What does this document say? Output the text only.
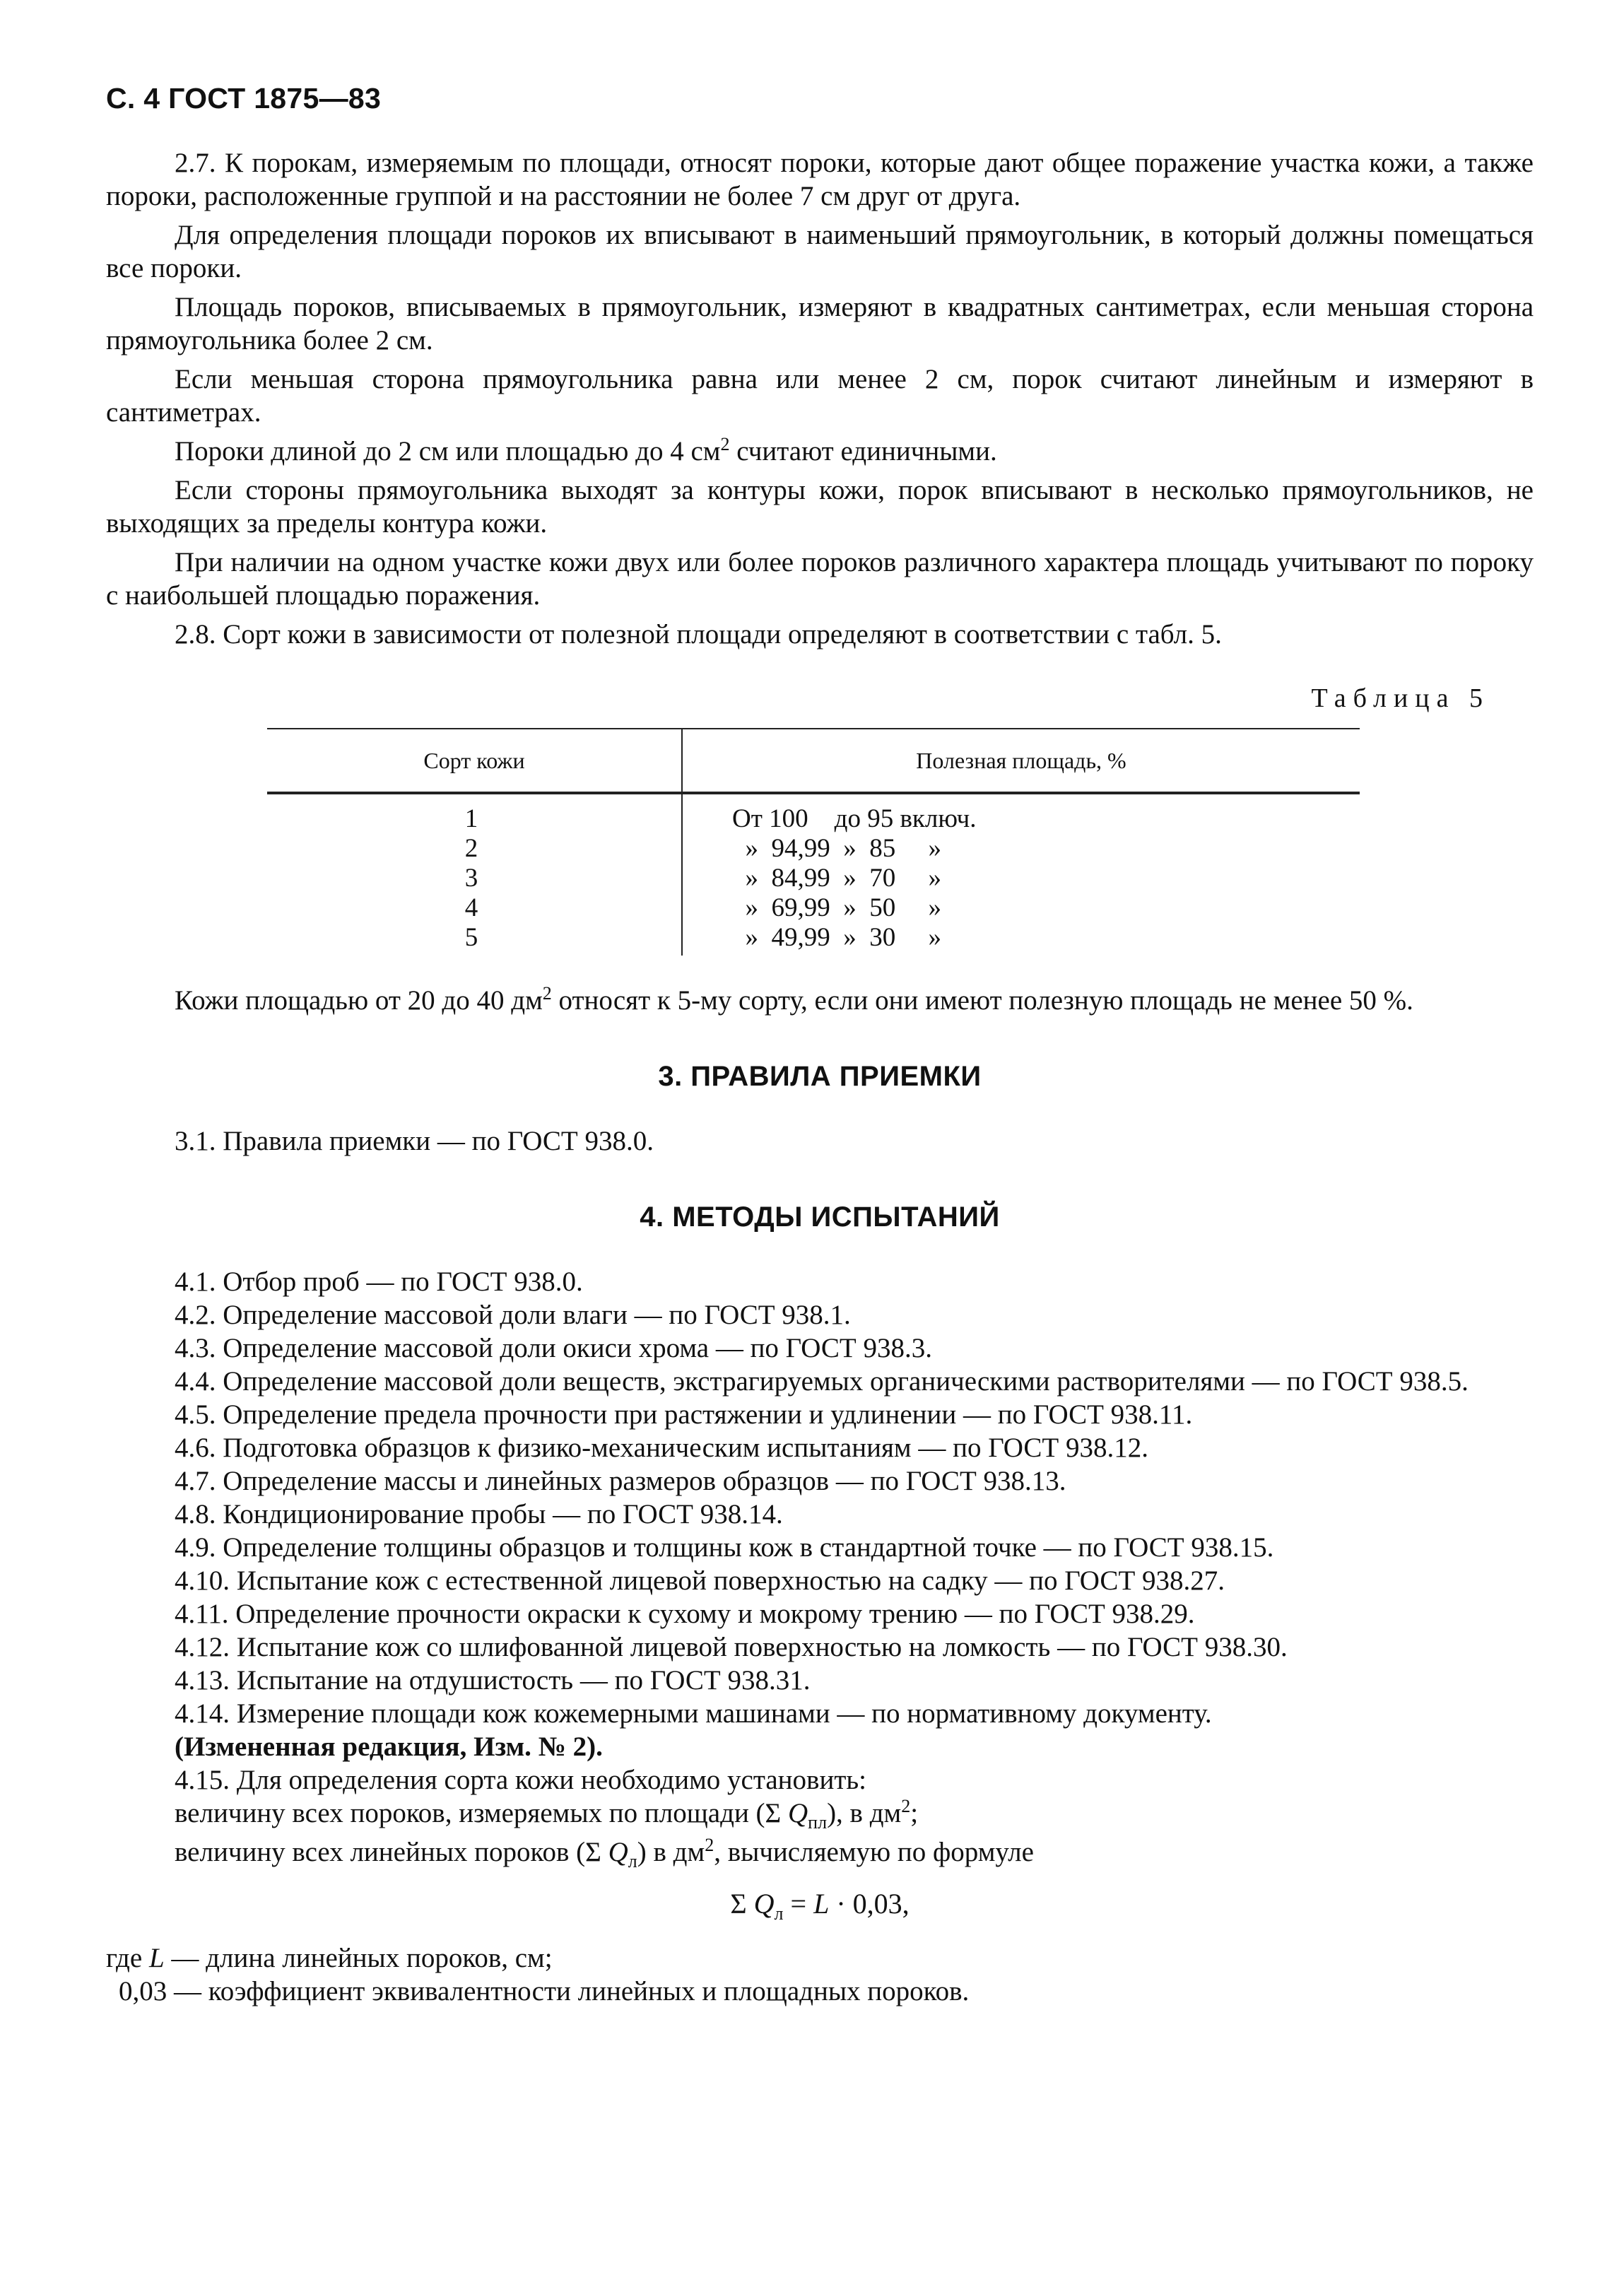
С. 4 ГОСТ 1875—83

2.7. К порокам, измеряемым по площади, относят пороки, которые дают общее поражение участка кожи, а также пороки, расположенные группой и на расстоянии не более 7 см друг от друга.

Для определения площади пороков их вписывают в наименьший прямоугольник, в который должны помещаться все пороки.

Площадь пороков, вписываемых в прямоугольник, измеряют в квадратных сантиметрах, если меньшая сторона прямоугольника более 2 см.

Если меньшая сторона прямоугольника равна или менее 2 см, порок считают линейным и измеряют в сантиметрах.

Пороки длиной до 2 см или площадью до 4 $см^2$ считают единичными.

Если стороны прямоугольника выходят за контуры кожи, порок вписывают в несколько прямоугольников, не выходящих за пределы контура кожи.

При наличии на одном участке кожи двух или более пороков различного характера площадь учитывают по пороку с наибольшей площадью поражения.

2.8. Сорт кожи в зависимости от полезной площади определяют в соответствии с табл. 5.

Таблица 5
Сорт кожи	Полезная площадь, %
1	От 100    до 95 включ.
2	»  94,99  »  85     »
3	»  84,99  »  70     »
4	»  69,99  »  50     »
5	»  49,99  »  30     »

Кожи площадью от 20 до 40 $дм^2$ относят к 5-му сорту, если они имеют полезную площадь не менее 50 %.

3. ПРАВИЛА ПРИЕМКИ

3.1. Правила приемки — по ГОСТ 938.0.

4. МЕТОДЫ ИСПЫТАНИЙ

4.1. Отбор проб — по ГОСТ 938.0.

4.2. Определение массовой доли влаги — по ГОСТ 938.1.

4.3. Определение массовой доли окиси хрома — по ГОСТ 938.3.

4.4. Определение массовой доли веществ, экстрагируемых органическими растворителями — по ГОСТ 938.5.

4.5. Определение предела прочности при растяжении и удлинении — по ГОСТ 938.11.

4.6. Подготовка образцов к физико-механическим испытаниям — по ГОСТ 938.12.

4.7. Определение массы и линейных размеров образцов — по ГОСТ 938.13.

4.8. Кондиционирование пробы — по ГОСТ 938.14.

4.9. Определение толщины образцов и толщины кож в стандартной точке — по ГОСТ 938.15.

4.10. Испытание кож с естественной лицевой поверхностью на садку — по ГОСТ 938.27.

4.11. Определение прочности окраски к сухому и мокрому трению — по ГОСТ 938.29.

4.12. Испытание кож со шлифованной лицевой поверхностью на ломкость — по ГОСТ 938.30.

4.13. Испытание на отдушистость — по ГОСТ 938.31.

4.14. Измерение площади кож кожемерными машинами — по нормативному документу.

(Измененная редакция, Изм. № 2).

4.15. Для определения сорта кожи необходимо установить:

величину всех пороков, измеряемых по площади (Σ $Q_{пл}$), в $дм^2$;

величину всех линейных пороков (Σ $Q_л$) в $дм^2$, вычисляемую по формуле

Σ $Q_л = L \cdot 0,03$,

где L — длина линейных пороков, см;

0,03 — коэффициент эквивалентности линейных и площадных пороков.
